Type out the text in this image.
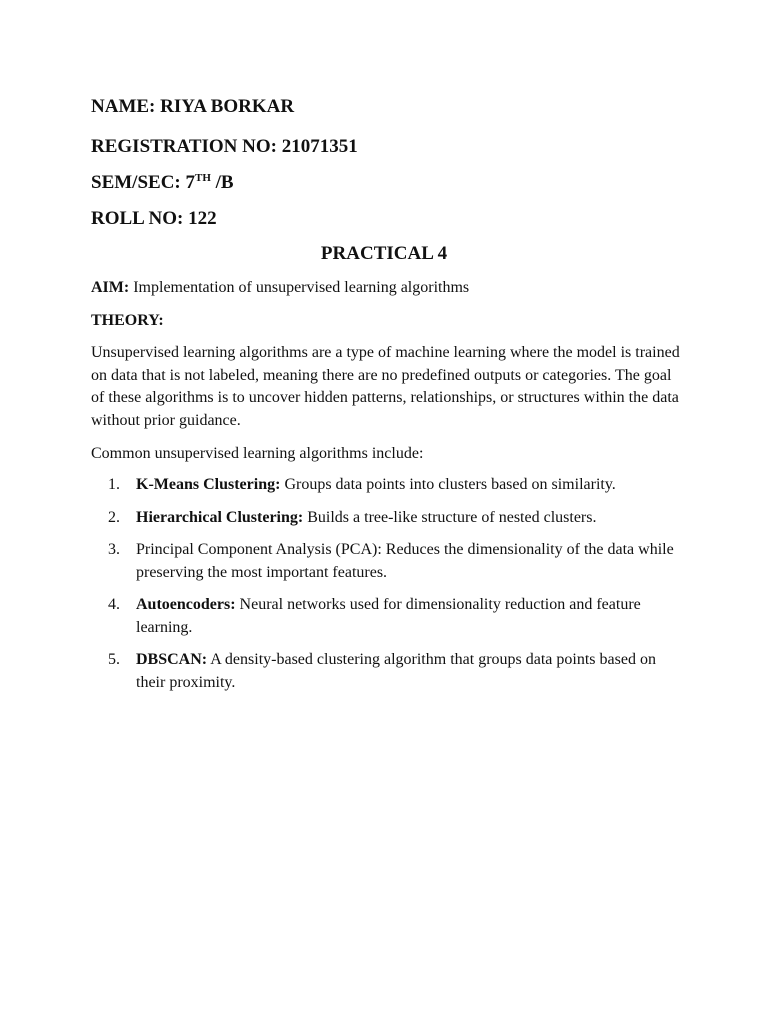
NAME: RIYA BORKAR
REGISTRATION NO: 21071351
SEM/SEC: 7TH /B
ROLL NO: 122
PRACTICAL 4
AIM: Implementation of unsupervised learning algorithms
THEORY:
Unsupervised learning algorithms are a type of machine learning where the model is trained on data that is not labeled, meaning there are no predefined outputs or categories. The goal of these algorithms is to uncover hidden patterns, relationships, or structures within the data without prior guidance.
Common unsupervised learning algorithms include:
1.	K-Means Clustering: Groups data points into clusters based on similarity.
2.	Hierarchical Clustering: Builds a tree-like structure of nested clusters.
3.	Principal Component Analysis (PCA): Reduces the dimensionality of the data while preserving the most important features.
4.	Autoencoders: Neural networks used for dimensionality reduction and feature learning.
5.	DBSCAN: A density-based clustering algorithm that groups data points based on their proximity.
